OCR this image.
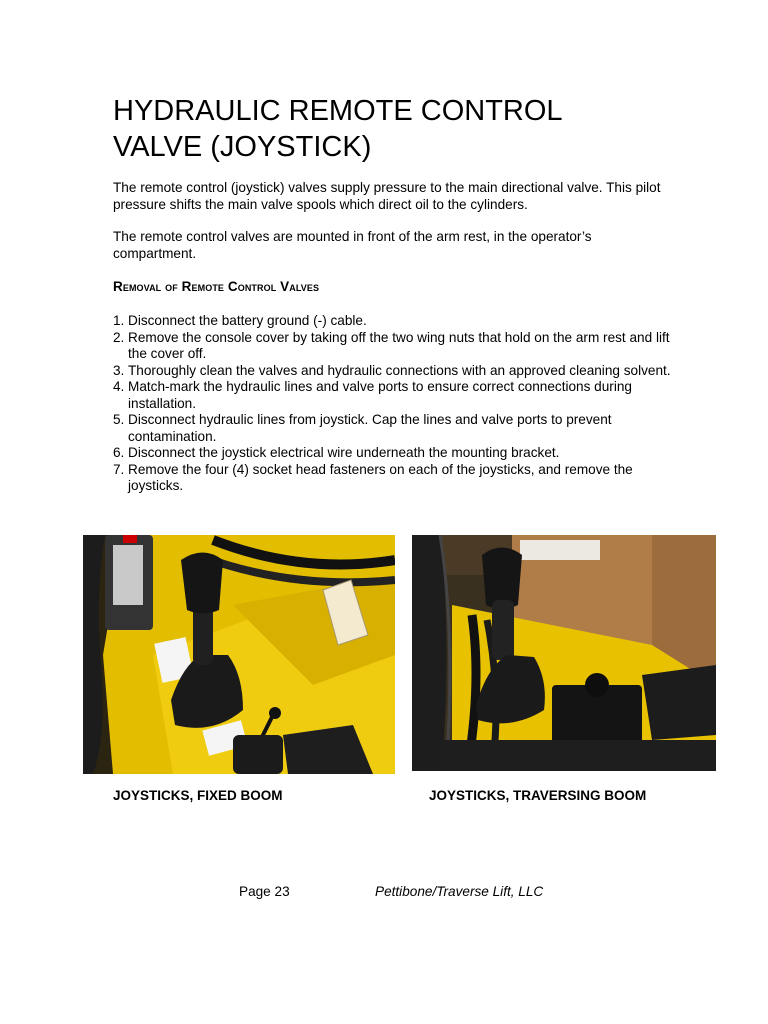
HYDRAULIC REMOTE CONTROL
VALVE (JOYSTICK)

The remote control (joystick) valves supply pressure to the main directional valve. This pilot pressure shifts the main valve spools which direct oil to the cylinders.

The remote control valves are mounted in front of the arm rest, in the operator’s compartment.

Removal of Remote Control Valves
1. Disconnect the battery ground (-) cable.
2. Remove the console cover by taking off the two wing nuts that hold on the arm rest and lift the cover off.
3. Thoroughly clean the valves and hydraulic connections with an approved cleaning solvent.
4. Match-mark the hydraulic lines and valve ports to ensure correct connections during installation.
5. Disconnect hydraulic lines from joystick. Cap the lines and valve ports to prevent contamination.
6. Disconnect the joystick electrical wire underneath the mounting bracket.
7. Remove the four (4) socket head fasteners on each of the joysticks, and remove the joysticks.

JOYSTICKS, FIXED BOOM	JOYSTICKS, TRAVERSING BOOM

Page 23	Pettibone/Traverse Lift, LLC
